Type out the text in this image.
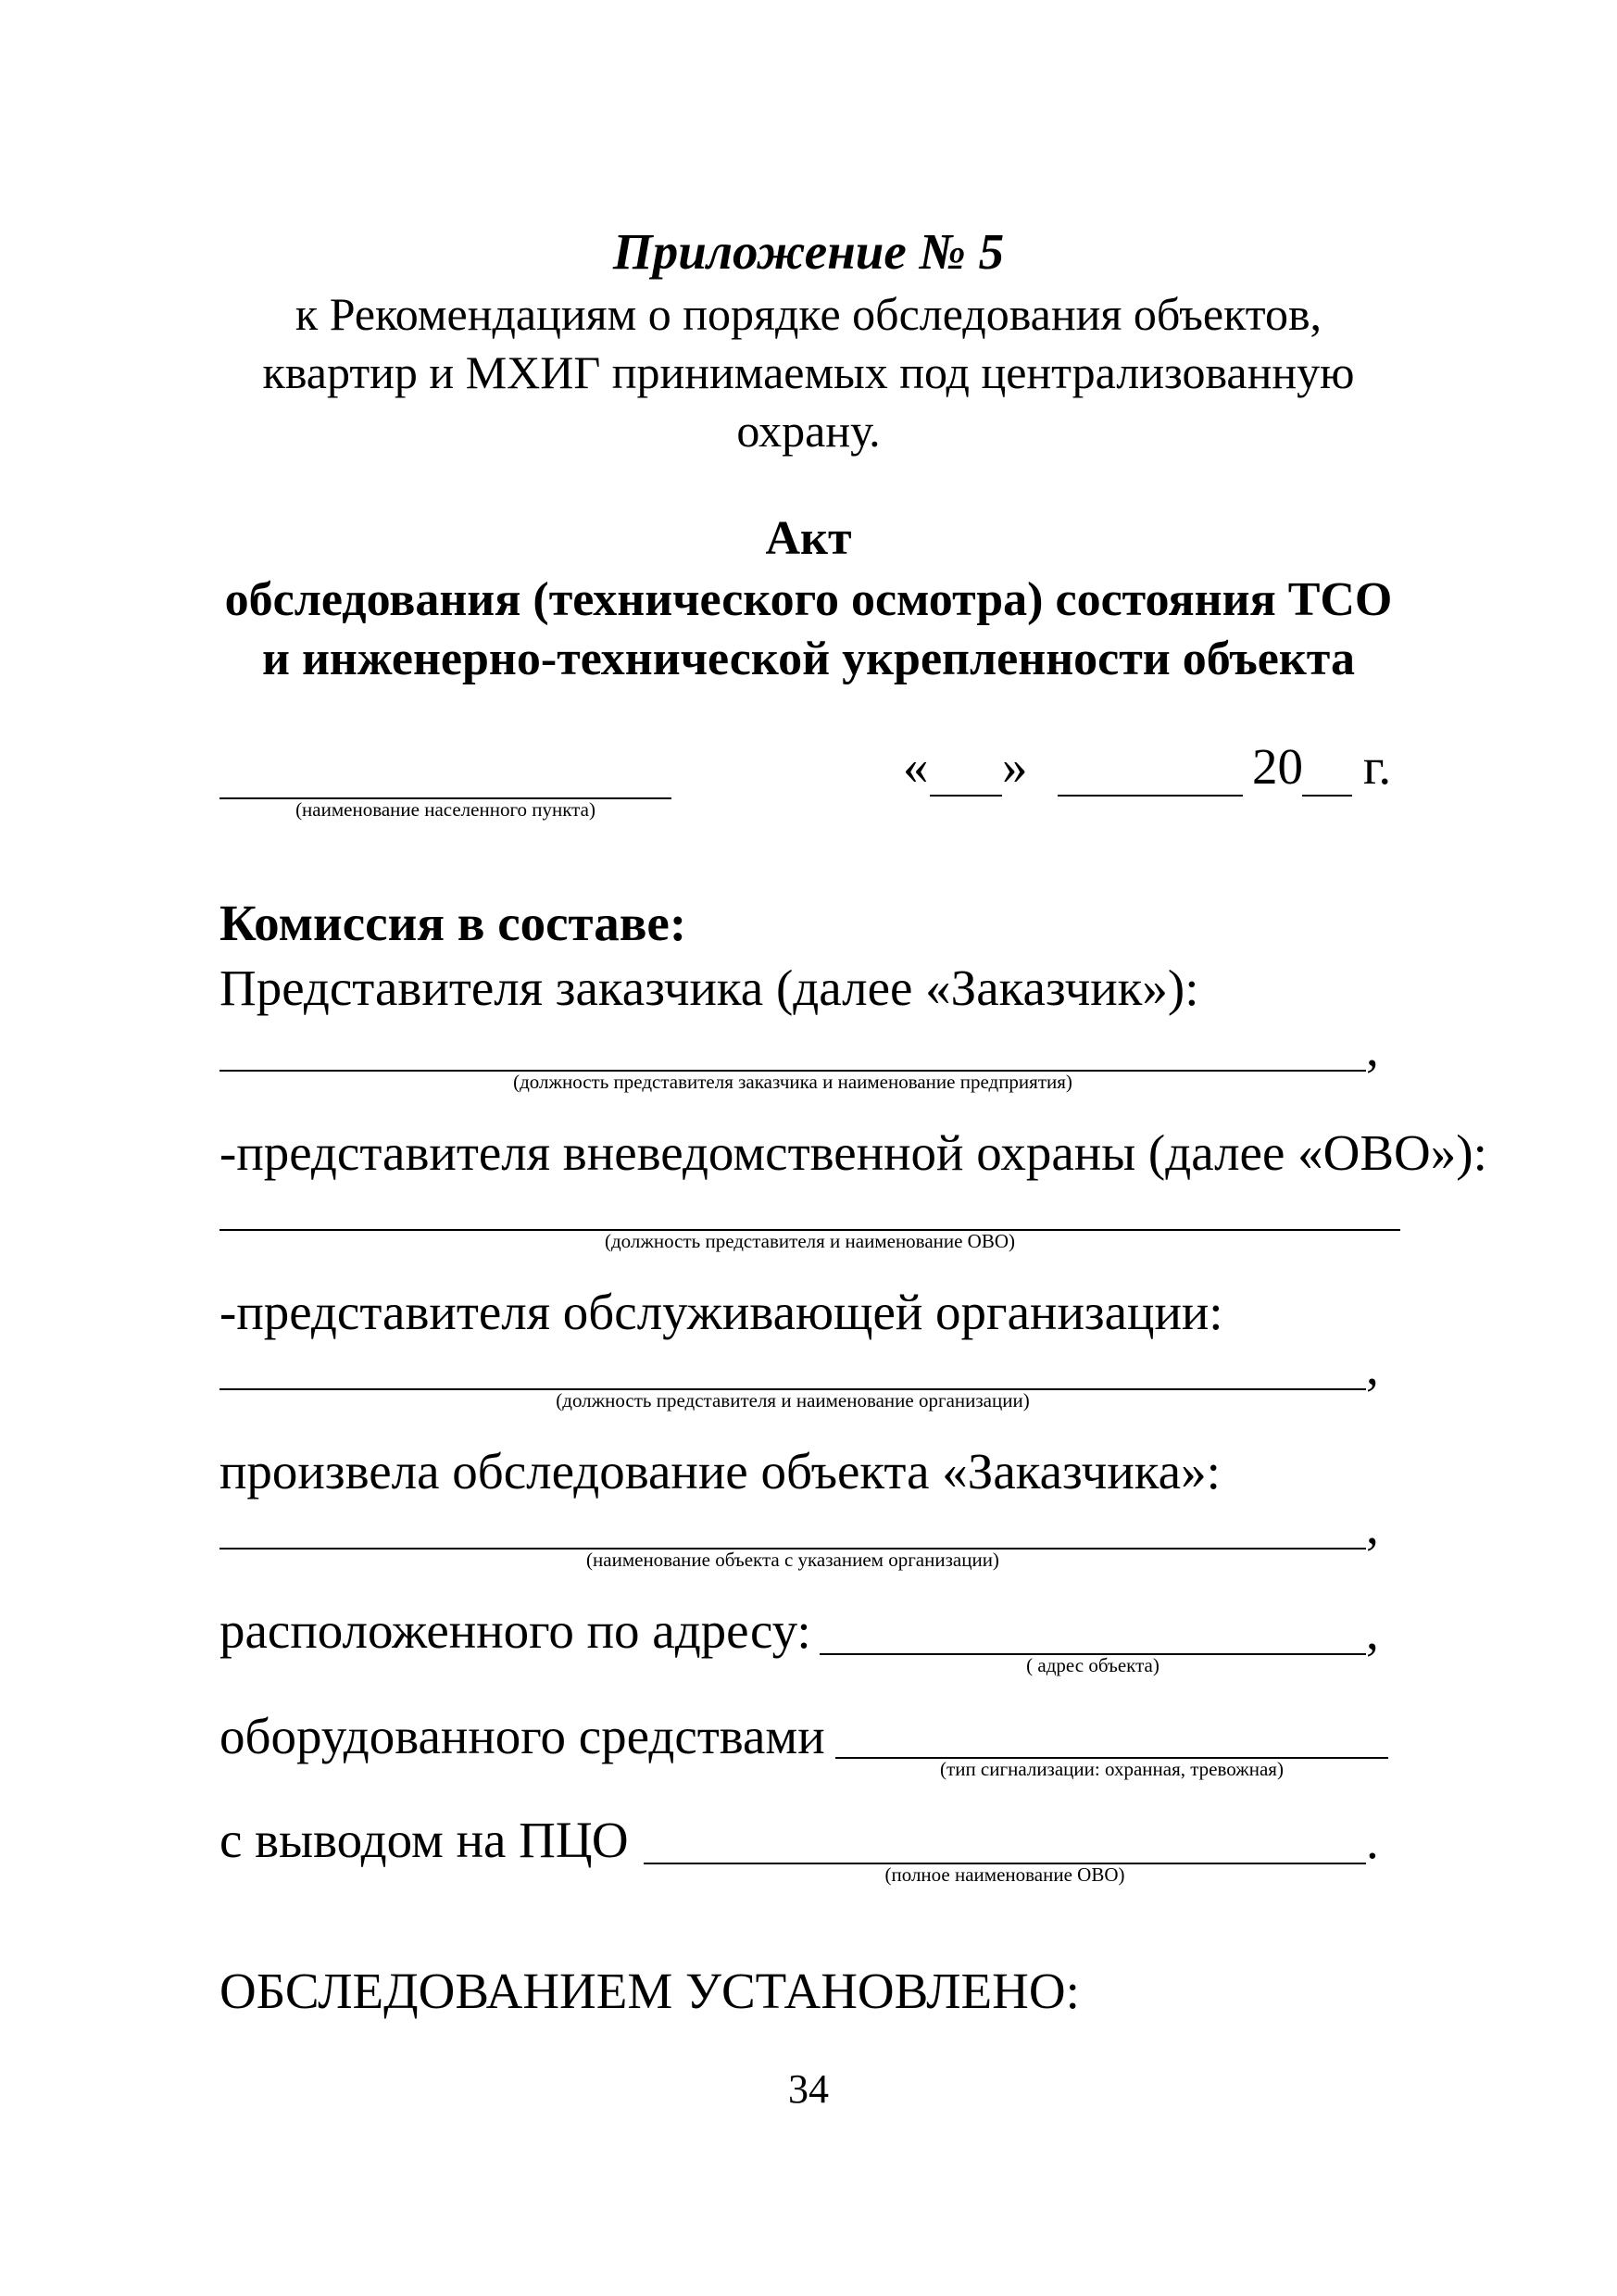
Приложение № 5
к Рекомендациям о порядке обследования объектов,
квартир и МХИГ принимаемых под централизованную
охрану.
Акт
обследования (технического осмотра) состояния ТСО
и инженерно-технической укрепленности объекта
(наименование населенного пункта)
« »	20 г.
Комиссия в составе:
Представителя заказчика (далее «Заказчик»):
,
(должность представителя заказчика и наименование предприятия)
-представителя вневедомственной охраны (далее «ОВО»):
(должность представителя и наименование ОВО)
-представителя обслуживающей организации:
,
(должность представителя и наименование организации)
произвела обследование объекта «Заказчика»:
,
(наименование объекта с указанием организации)
расположенного по адресу:	,
( адрес объекта)
оборудованного средствами
(тип сигнализации: охранная, тревожная)
с выводом на ПЦО	.
(полное наименование ОВО)
ОБСЛЕДОВАНИЕМ УСТАНОВЛЕНО:
34
